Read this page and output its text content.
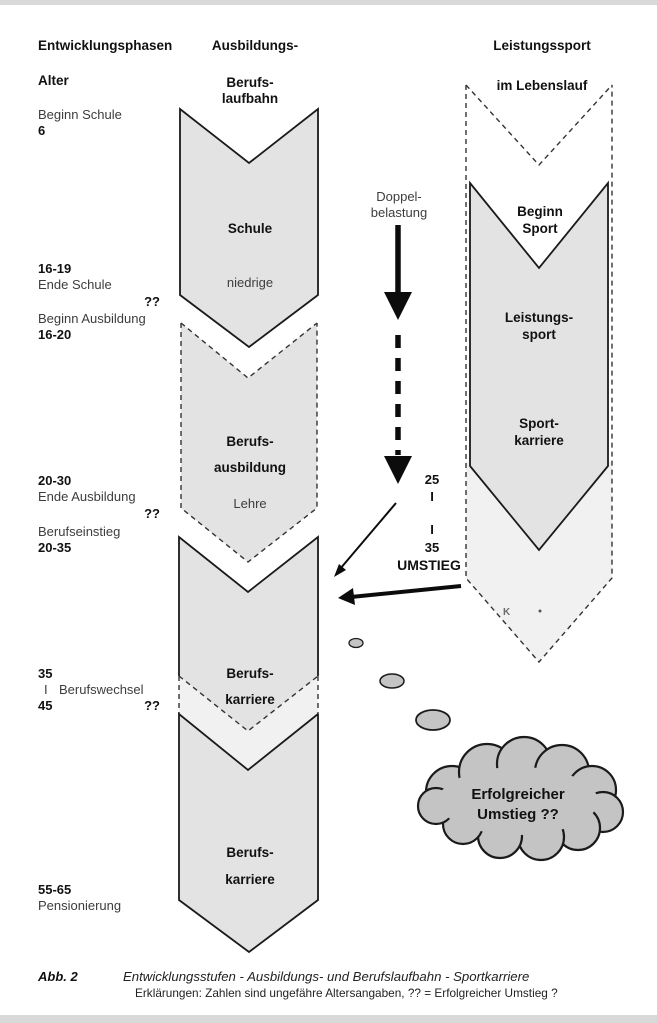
Entwicklungsphasen
Alter
Ausbildungs-
Berufs-
laufbahn
Leistungssport
im Lebenslauf
Beginn Schule
6
16-19
Ende Schule
??
Beginn Ausbildung
16-20
20-30
Ende Ausbildung
??
Berufseinstieg
20-35
35
I Berufswechsel
45	??
55-65
Pensionierung
Schule
niedrige
Berufs-
ausbildung
Lehre
Berufs-
karriere
Berufs-
karriere
Beginn
Sport
Leistungs-
sport
Sport-
karriere
K
Doppel-
belastung
25
I
I
35
UMSTIEG
Erfolgreicher
Umstieg ??
Abb. 2	Entwicklungsstufen - Ausbildungs- und Berufslaufbahn - Sportkarriere
Erklärungen: Zahlen sind ungefähre Altersangaben, ?? = Erfolgreicher Umstieg ?
